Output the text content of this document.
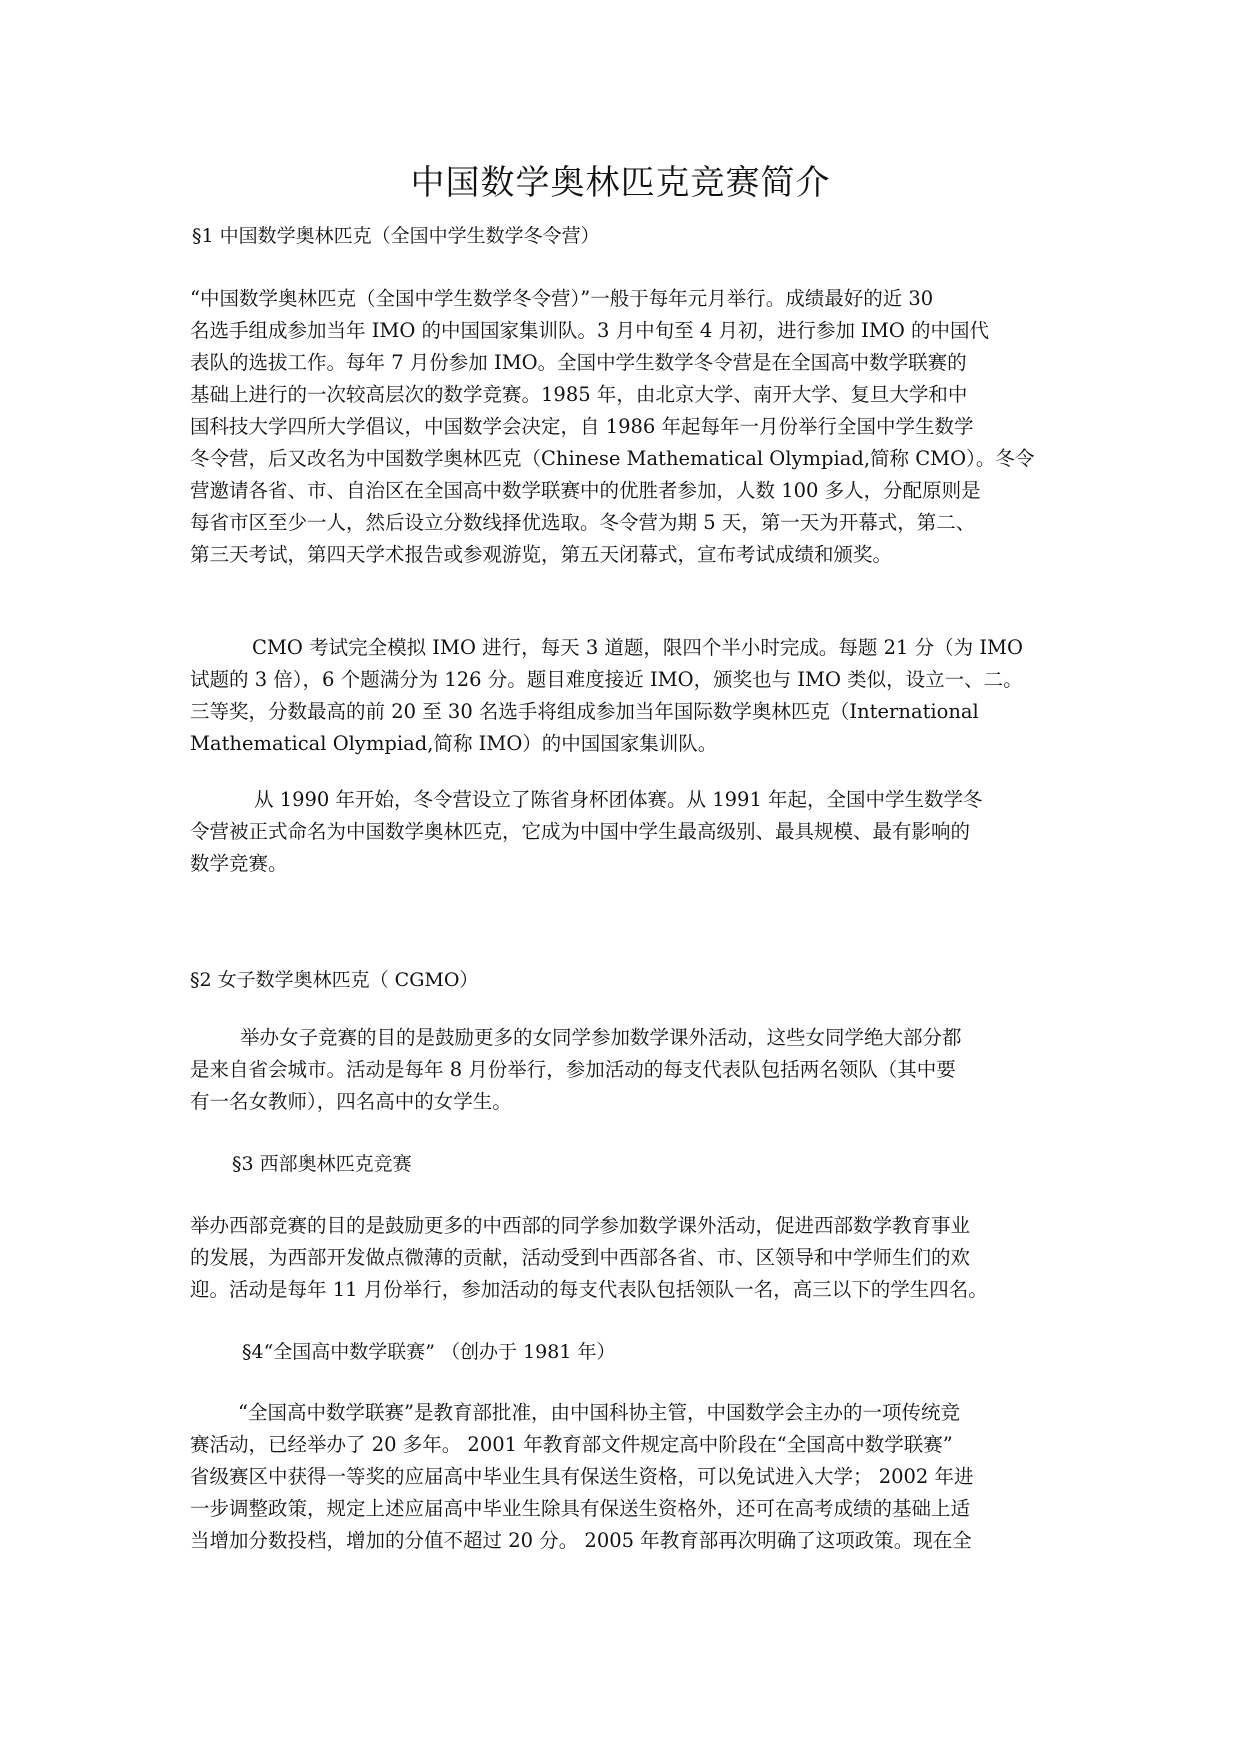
中国数学奥林匹克竞赛简介
§1 中国数学奥林匹克（全国中学生数学冬令营）

“中国数学奥林匹克（全国中学生数学冬令营）”一般于每年元月举行。成绩最好的近 30
名选手组成参加当年 IMO 的中国国家集训队。3 月中旬至 4 月初，进行参加 IMO 的中国代
表队的选拔工作。每年 7 月份参加 IMO。全国中学生数学冬令营是在全国高中数学联赛的
基础上进行的一次较高层次的数学竞赛。1985 年，由北京大学、南开大学、复旦大学和中
国科技大学四所大学倡议，中国数学会决定，自 1986 年起每年一月份举行全国中学生数学
冬令营，后又改名为中国数学奥林匹克（Chinese Mathematical Olympiad,简称 CMO）。冬令
营邀请各省、市、自治区在全国高中数学联赛中的优胜者参加，人数 100 多人，分配原则是
每省市区至少一人，然后设立分数线择优选取。冬令营为期 5 天，第一天为开幕式，第二、
第三天考试，第四天学术报告或参观游览，第五天闭幕式，宣布考试成绩和颁奖。

CMO 考试完全模拟 IMO 进行，每天 3 道题，限四个半小时完成。每题 21 分（为 IMO
试题的 3 倍），6 个题满分为 126 分。题目难度接近 IMO，颁奖也与 IMO 类似，设立一、二。
三等奖，分数最高的前 20 至 30 名选手将组成参加当年国际数学奥林匹克（International
Mathematical Olympiad,简称 IMO）的中国国家集训队。

从 1990 年开始，冬令营设立了陈省身杯团体赛。从 1991 年起，全国中学生数学冬
令营被正式命名为中国数学奥林匹克，它成为中国中学生最高级别、最具规模、最有影响的
数学竞赛。

§2 女子数学奥林匹克（ CGMO）

举办女子竞赛的目的是鼓励更多的女同学参加数学课外活动，这些女同学绝大部分都
是来自省会城市。活动是每年 8 月份举行，参加活动的每支代表队包括两名领队（其中要
有一名女教师），四名高中的女学生。

§3 西部奥林匹克竞赛

举办西部竞赛的目的是鼓励更多的中西部的同学参加数学课外活动，促进西部数学教育事业
的发展，为西部开发做点微薄的贡献，活动受到中西部各省、市、区领导和中学师生们的欢
迎。活动是每年 11 月份举行，参加活动的每支代表队包括领队一名，高三以下的学生四名。

§4“全国高中数学联赛” （创办于 1981 年）

“全国高中数学联赛”是教育部批准，由中国科协主管，中国数学会主办的一项传统竞
赛活动，已经举办了 20 多年。 2001 年教育部文件规定高中阶段在“全国高中数学联赛”
省级赛区中获得一等奖的应届高中毕业生具有保送生资格，可以免试进入大学； 2002 年进
一步调整政策，规定上述应届高中毕业生除具有保送生资格外，还可在高考成绩的基础上适
当增加分数投档，增加的分值不超过 20 分。 2005 年教育部再次明确了这项政策。现在全
